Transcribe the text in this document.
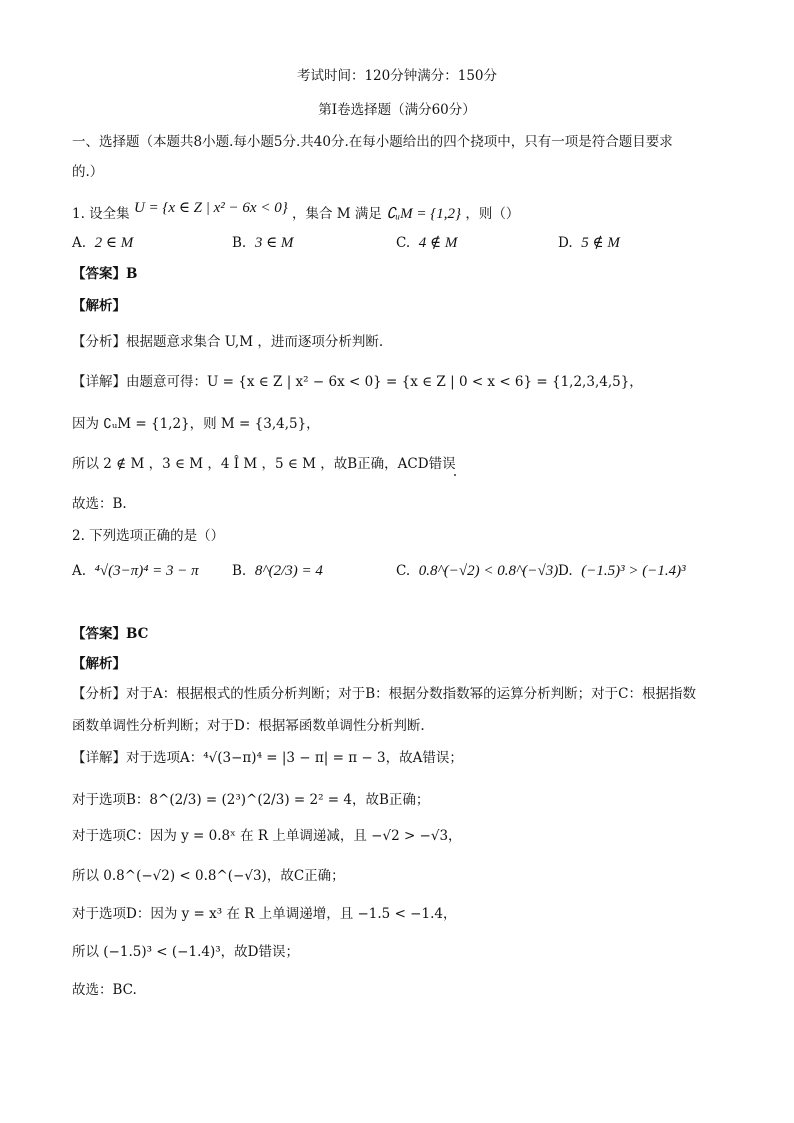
考试时间：120分钟满分：150分
第Ⅰ卷选择题（满分60分）
一、选择题（本题共8小题.每小题5分.共40分.在每小题给出的四个挠项中，只有一项是符合题目要求
的.）
1. 设全集 U = {x ∈ Z | x² − 6x < 0} ，集合 M 满足 ∁ᵤM = {1,2} ，则（）
A. 2 ∈ M	B. 3 ∈ M	C. 4 ∉ M	D. 5 ∉ M
【答案】B
【解析】
【分析】根据题意求集合 U,M ，进而逐项分析判断.
【详解】由题意可得：U = {x ∈ Z | x² − 6x < 0} = {x ∈ Z | 0 < x < 6} = {1,2,3,4,5}，
因为 ∁ᵤM = {1,2}，则 M = {3,4,5}，
所以 2 ∉ M ，3 ∈ M ，4 Î M ，5 ∈ M ，故B正确，ACD错误
故选：B.
2. 下列选项正确的是（）
A. ⁴√(3−π)⁴ = 3 − π B. 8^(2/3) = 4	C. 0.8^(−√2) < 0.8^(−√3) D. (−1.5)³ > (−1.4)³
【答案】BC
【解析】
【分析】对于A：根据根式的性质分析判断；对于B：根据分数指数幂的运算分析判断；对于C：根据指数
函数单调性分析判断；对于D：根据幂函数单调性分析判断.
【详解】对于选项A：⁴√(3−π)⁴ = |3 − π| = π − 3，故A错误；
对于选项B：8^(2/3) = (2³)^(2/3) = 2² = 4，故B正确；
对于选项C：因为 y = 0.8ˣ 在 R 上单调递减，且 −√2 > −√3，
所以 0.8^(−√2) < 0.8^(−√3)，故C正确；
对于选项D：因为 y = x³ 在 R 上单调递增，且 −1.5 < −1.4，
所以 (−1.5)³ < (−1.4)³，故D错误；
故选：BC.
